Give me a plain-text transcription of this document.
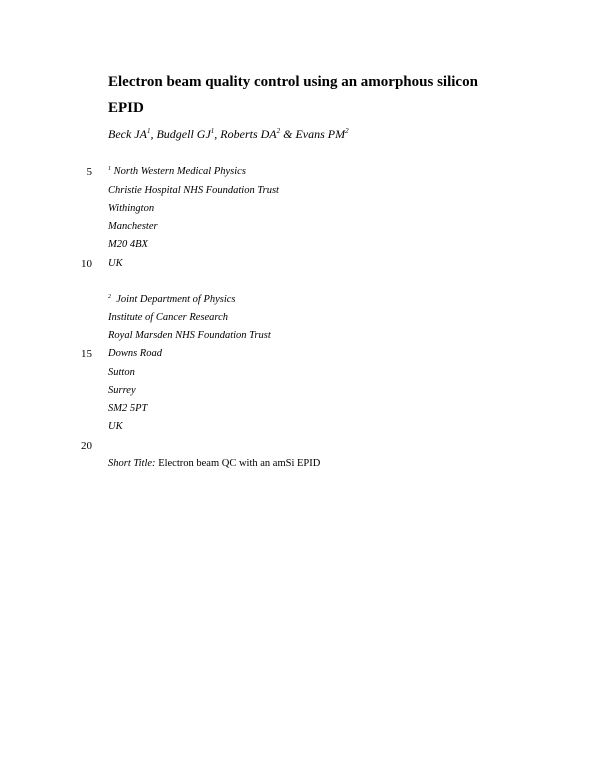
Electron beam quality control using an amorphous silicon
EPID

Beck $JA^1$, Budgell $GJ^1$, Roberts $DA^2$ & Evans $PM^2$

5
10
15
20
$^1$ North Western Medical Physics
Christie Hospital NHS Foundation Trust
Withington
Manchester
M20 4BX
UK
$^2$ Joint Department of Physics
Institute of Cancer Research
Royal Marsden NHS Foundation Trust
Downs Road
Sutton
Surrey
SM2 5PT
UK
Short Title: Electron beam QC with an amSi EPID
